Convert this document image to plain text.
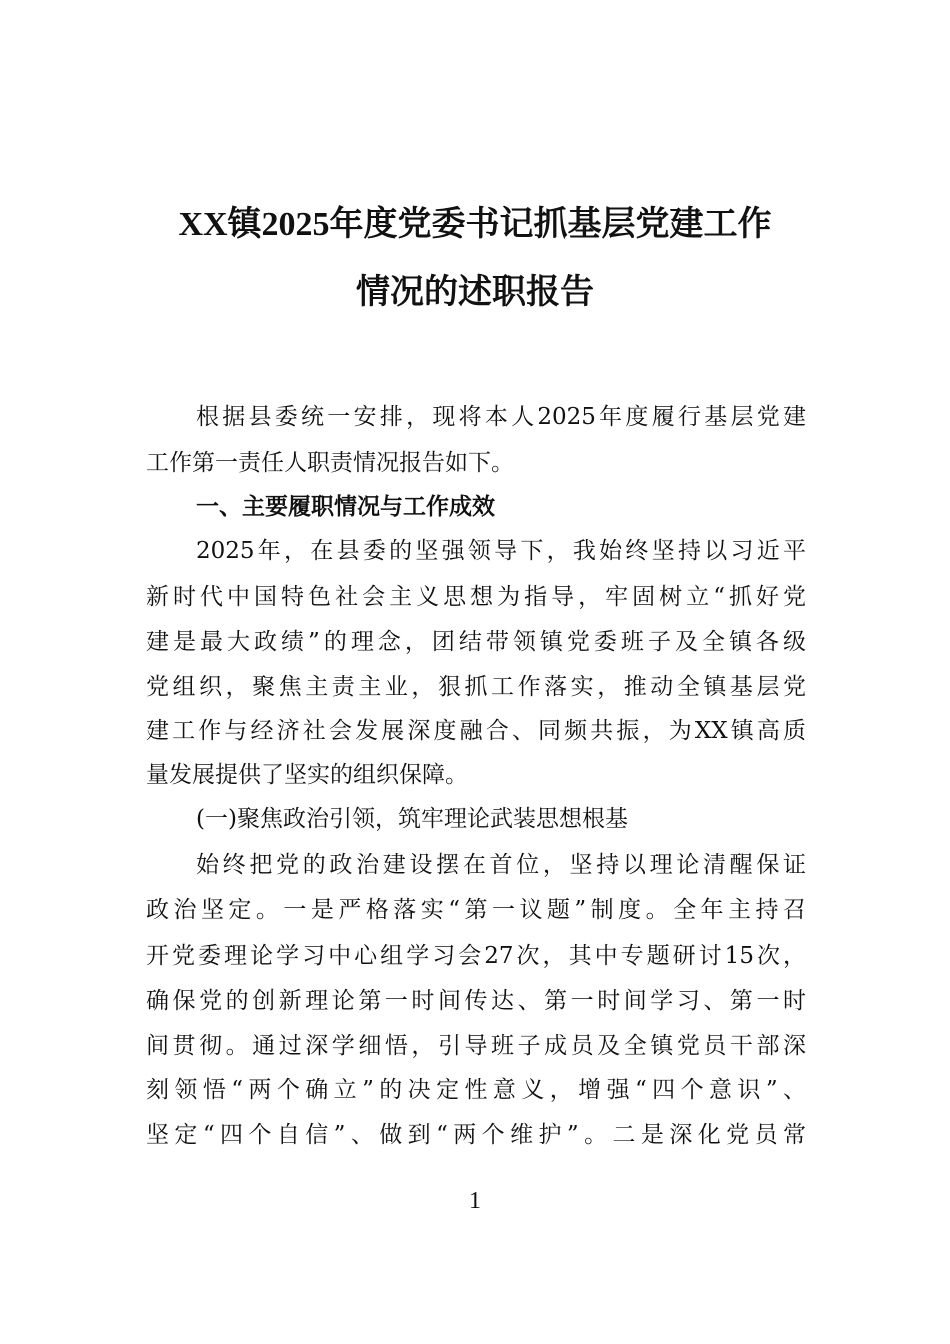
XX镇2025年度党委书记抓基层党建工作
情况的述职报告
根据县委统一安排，现将本人2025年度履行基层党建
工作第一责任人职责情况报告如下。
一、主要履职情况与工作成效
2025年，在县委的坚强领导下，我始终坚持以习近平
新时代中国特色社会主义思想为指导，牢固树立“抓好党
建是最大政绩”的理念，团结带领镇党委班子及全镇各级
党组织，聚焦主责主业，狠抓工作落实，推动全镇基层党
建工作与经济社会发展深度融合、同频共振，为XX镇高质
量发展提供了坚实的组织保障。
(一)聚焦政治引领，筑牢理论武装思想根基
始终把党的政治建设摆在首位，坚持以理论清醒保证
政治坚定。一是严格落实“第一议题”制度。全年主持召
开党委理论学习中心组学习会27次，其中专题研讨15次，
确保党的创新理论第一时间传达、第一时间学习、第一时
间贯彻。通过深学细悟，引导班子成员及全镇党员干部深
刻领悟“两个确立”的决定性意义，增强“四个意识”、
坚定“四个自信”、做到“两个维护”。二是深化党员常
1
